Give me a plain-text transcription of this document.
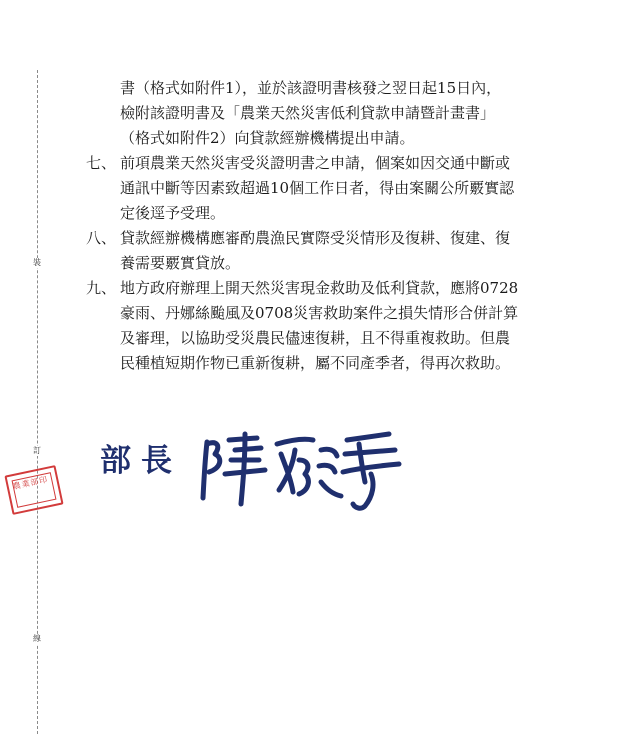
裝
訂
線
農業部印
書（格式如附件1），並於該證明書核發之翌日起15日內，
檢附該證明書及「農業天然災害低利貸款申請暨計畫書」
（格式如附件2）向貸款經辦機構提出申請。
七、 前項農業天然災害受災證明書之申請，個案如因交通中斷或
通訊中斷等因素致超過10個工作日者，得由案關公所覈實認
定後逕予受理。
八、 貸款經辦機構應審酌農漁民實際受災情形及復耕、復建、復
養需要覈實貸放。
九、 地方政府辦理上開天然災害現金救助及低利貸款，應將0728
豪雨、丹娜絲颱風及0708災害救助案件之損失情形合併計算
及審理，以協助受災農民儘速復耕，且不得重複救助。但農
民種植短期作物已重新復耕，屬不同產季者，得再次救助。
部長
